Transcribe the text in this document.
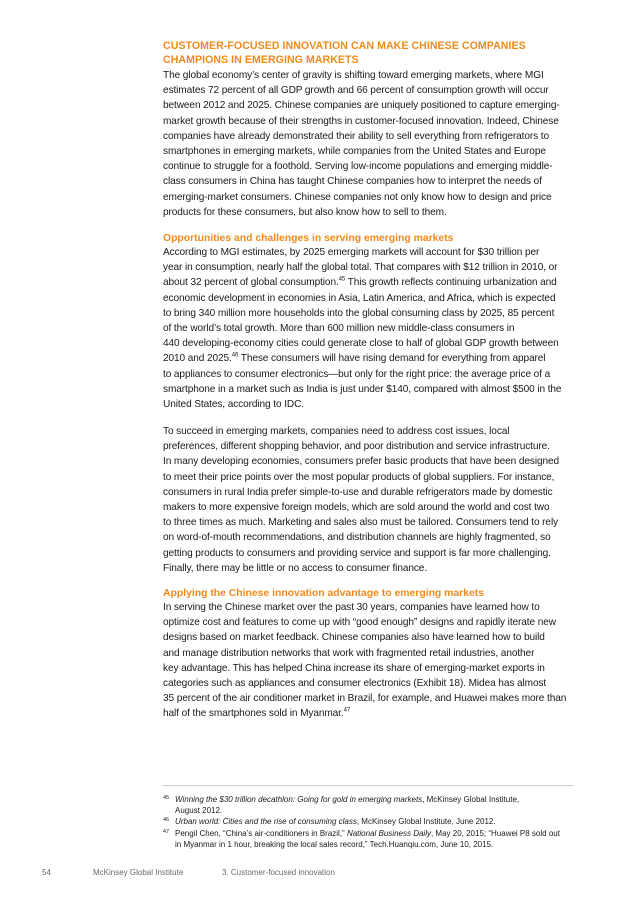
CUSTOMER-FOCUSED INNOVATION CAN MAKE CHINESE COMPANIES
CHAMPIONS IN EMERGING MARKETS

The global economy’s center of gravity is shifting toward emerging markets, where MGI
estimates 72 percent of all GDP growth and 66 percent of consumption growth will occur
between 2012 and 2025. Chinese companies are uniquely positioned to capture emerging-
market growth because of their strengths in customer-focused innovation. Indeed, Chinese
companies have already demonstrated their ability to sell everything from refrigerators to
smartphones in emerging markets, while companies from the United States and Europe
continue to struggle for a foothold. Serving low-income populations and emerging middle-
class consumers in China has taught Chinese companies how to interpret the needs of
emerging-market consumers. Chinese companies not only know how to design and price
products for these consumers, but also know how to sell to them.

Opportunities and challenges in serving emerging markets

According to MGI estimates, by 2025 emerging markets will account for $30 trillion per
year in consumption, nearly half the global total. That compares with $12 trillion in 2010, or
about 32 percent of global consumption.$^{45}$ This growth reflects continuing urbanization and
economic development in economies in Asia, Latin America, and Africa, which is expected
to bring 340 million more households into the global consuming class by 2025, 85 percent
of the world’s total growth. More than 600 million new middle-class consumers in
440 developing-economy cities could generate close to half of global GDP growth between
2010 and 2025.46 These consumers will have rising demand for everything from apparel
to appliances to consumer electronics—but only for the right price: the average price of a
smartphone in a market such as India is just under $140, compared with almost $500 in the
United States, according to IDC.

To succeed in emerging markets, companies need to address cost issues, local
preferences, different shopping behavior, and poor distribution and service infrastructure.
In many developing economies, consumers prefer basic products that have been designed
to meet their price points over the most popular products of global suppliers. For instance,
consumers in rural India prefer simple-to-use and durable refrigerators made by domestic
makers to more expensive foreign models, which are sold around the world and cost two
to three times as much. Marketing and sales also must be tailored. Consumers tend to rely
on word-of-mouth recommendations, and distribution channels are highly fragmented, so
getting products to consumers and providing service and support is far more challenging.
Finally, there may be little or no access to consumer finance.

Applying the Chinese innovation advantage to emerging markets

In serving the Chinese market over the past 30 years, companies have learned how to
optimize cost and features to come up with “good enough” designs and rapidly iterate new
designs based on market feedback. Chinese companies also have learned how to build
and manage distribution networks that work with fragmented retail industries, another
key advantage. This has helped China increase its share of emerging-market exports in
categories such as appliances and consumer electronics (Exhibit 18). Midea has almost
35 percent of the air conditioner market in Brazil, for example, and Huawei makes more than
half of the smartphones sold in Myanmar.$^{47}$

45 Winning the $30 trillion decathlon: Going for gold in emerging markets, McKinsey Global Institute,
August 2012.
46 Urban world: Cities and the rise of consuming class, McKinsey Global Institute, June 2012.
47 Pengil Chen, “China’s air-conditioners in Brazil,” National Business Daily, May 20, 2015; “Huawei P8 sold out
in Myanmar in 1 hour, breaking the local sales record,” Tech.Huanqiu.com, June 10, 2015.
54	McKinsey Global Institute	3. Customer-focused innovation
